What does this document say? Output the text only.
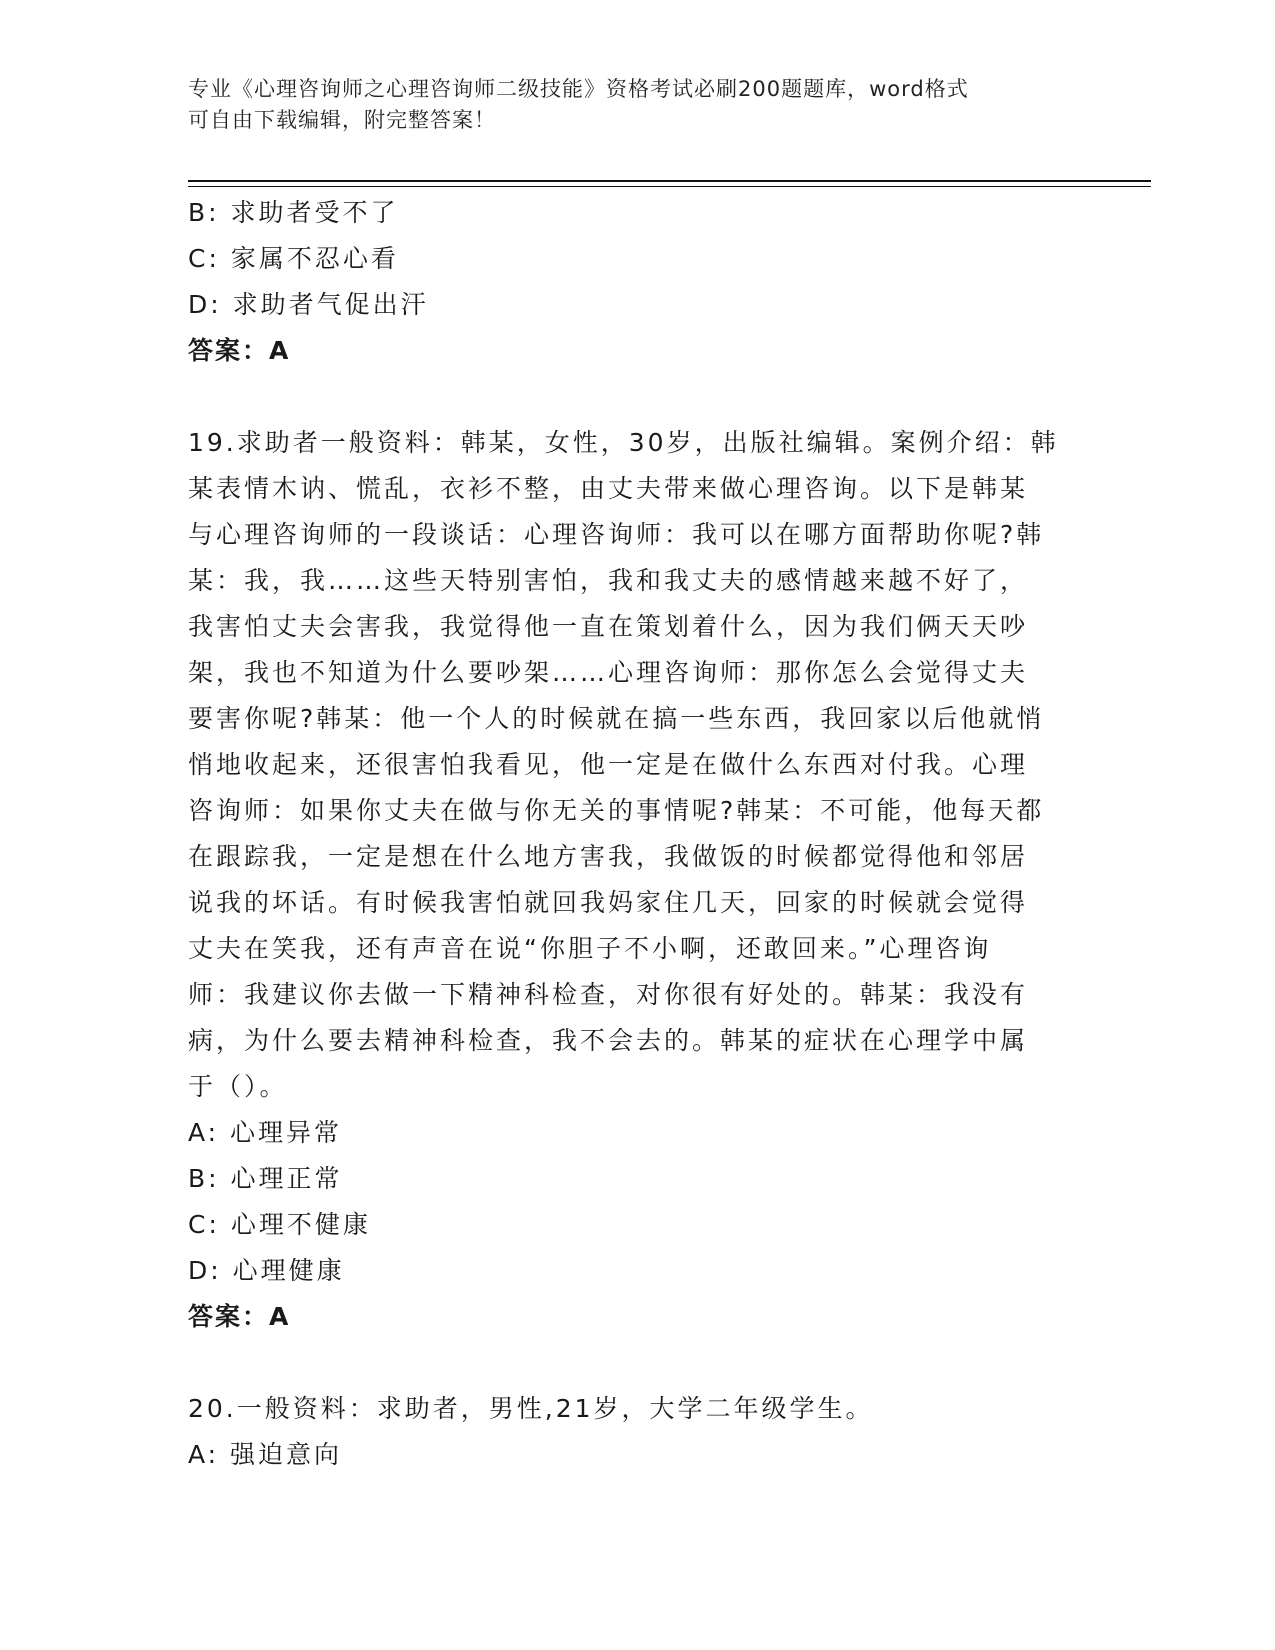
专业《心理咨询师之心理咨询师二级技能》资格考试必刷200题题库，word格式
可自由下载编辑，附完整答案！
B: 求助者受不了
C: 家属不忍心看
D: 求助者气促出汗
答案：A
19.求助者一般资料：韩某，女性，30岁，出版社编辑。案例介绍：韩
某表情木讷、慌乱，衣衫不整，由丈夫带来做心理咨询。以下是韩某
与心理咨询师的一段谈话：心理咨询师：我可以在哪方面帮助你呢?韩
某：我，我……这些天特别害怕，我和我丈夫的感情越来越不好了，
我害怕丈夫会害我，我觉得他一直在策划着什么，因为我们俩天天吵
架，我也不知道为什么要吵架……心理咨询师：那你怎么会觉得丈夫
要害你呢?韩某：他一个人的时候就在搞一些东西，我回家以后他就悄
悄地收起来，还很害怕我看见，他一定是在做什么东西对付我。心理
咨询师：如果你丈夫在做与你无关的事情呢?韩某：不可能，他每天都
在跟踪我，一定是想在什么地方害我，我做饭的时候都觉得他和邻居
说我的坏话。有时候我害怕就回我妈家住几天，回家的时候就会觉得
丈夫在笑我，还有声音在说“你胆子不小啊，还敢回来。”心理咨询
师：我建议你去做一下精神科检查，对你很有好处的。韩某：我没有
病，为什么要去精神科检查，我不会去的。韩某的症状在心理学中属
于（）。
A: 心理异常
B: 心理正常
C: 心理不健康
D: 心理健康
答案：A
20.一般资料：求助者，男性,21岁，大学二年级学生。
A: 强迫意向
